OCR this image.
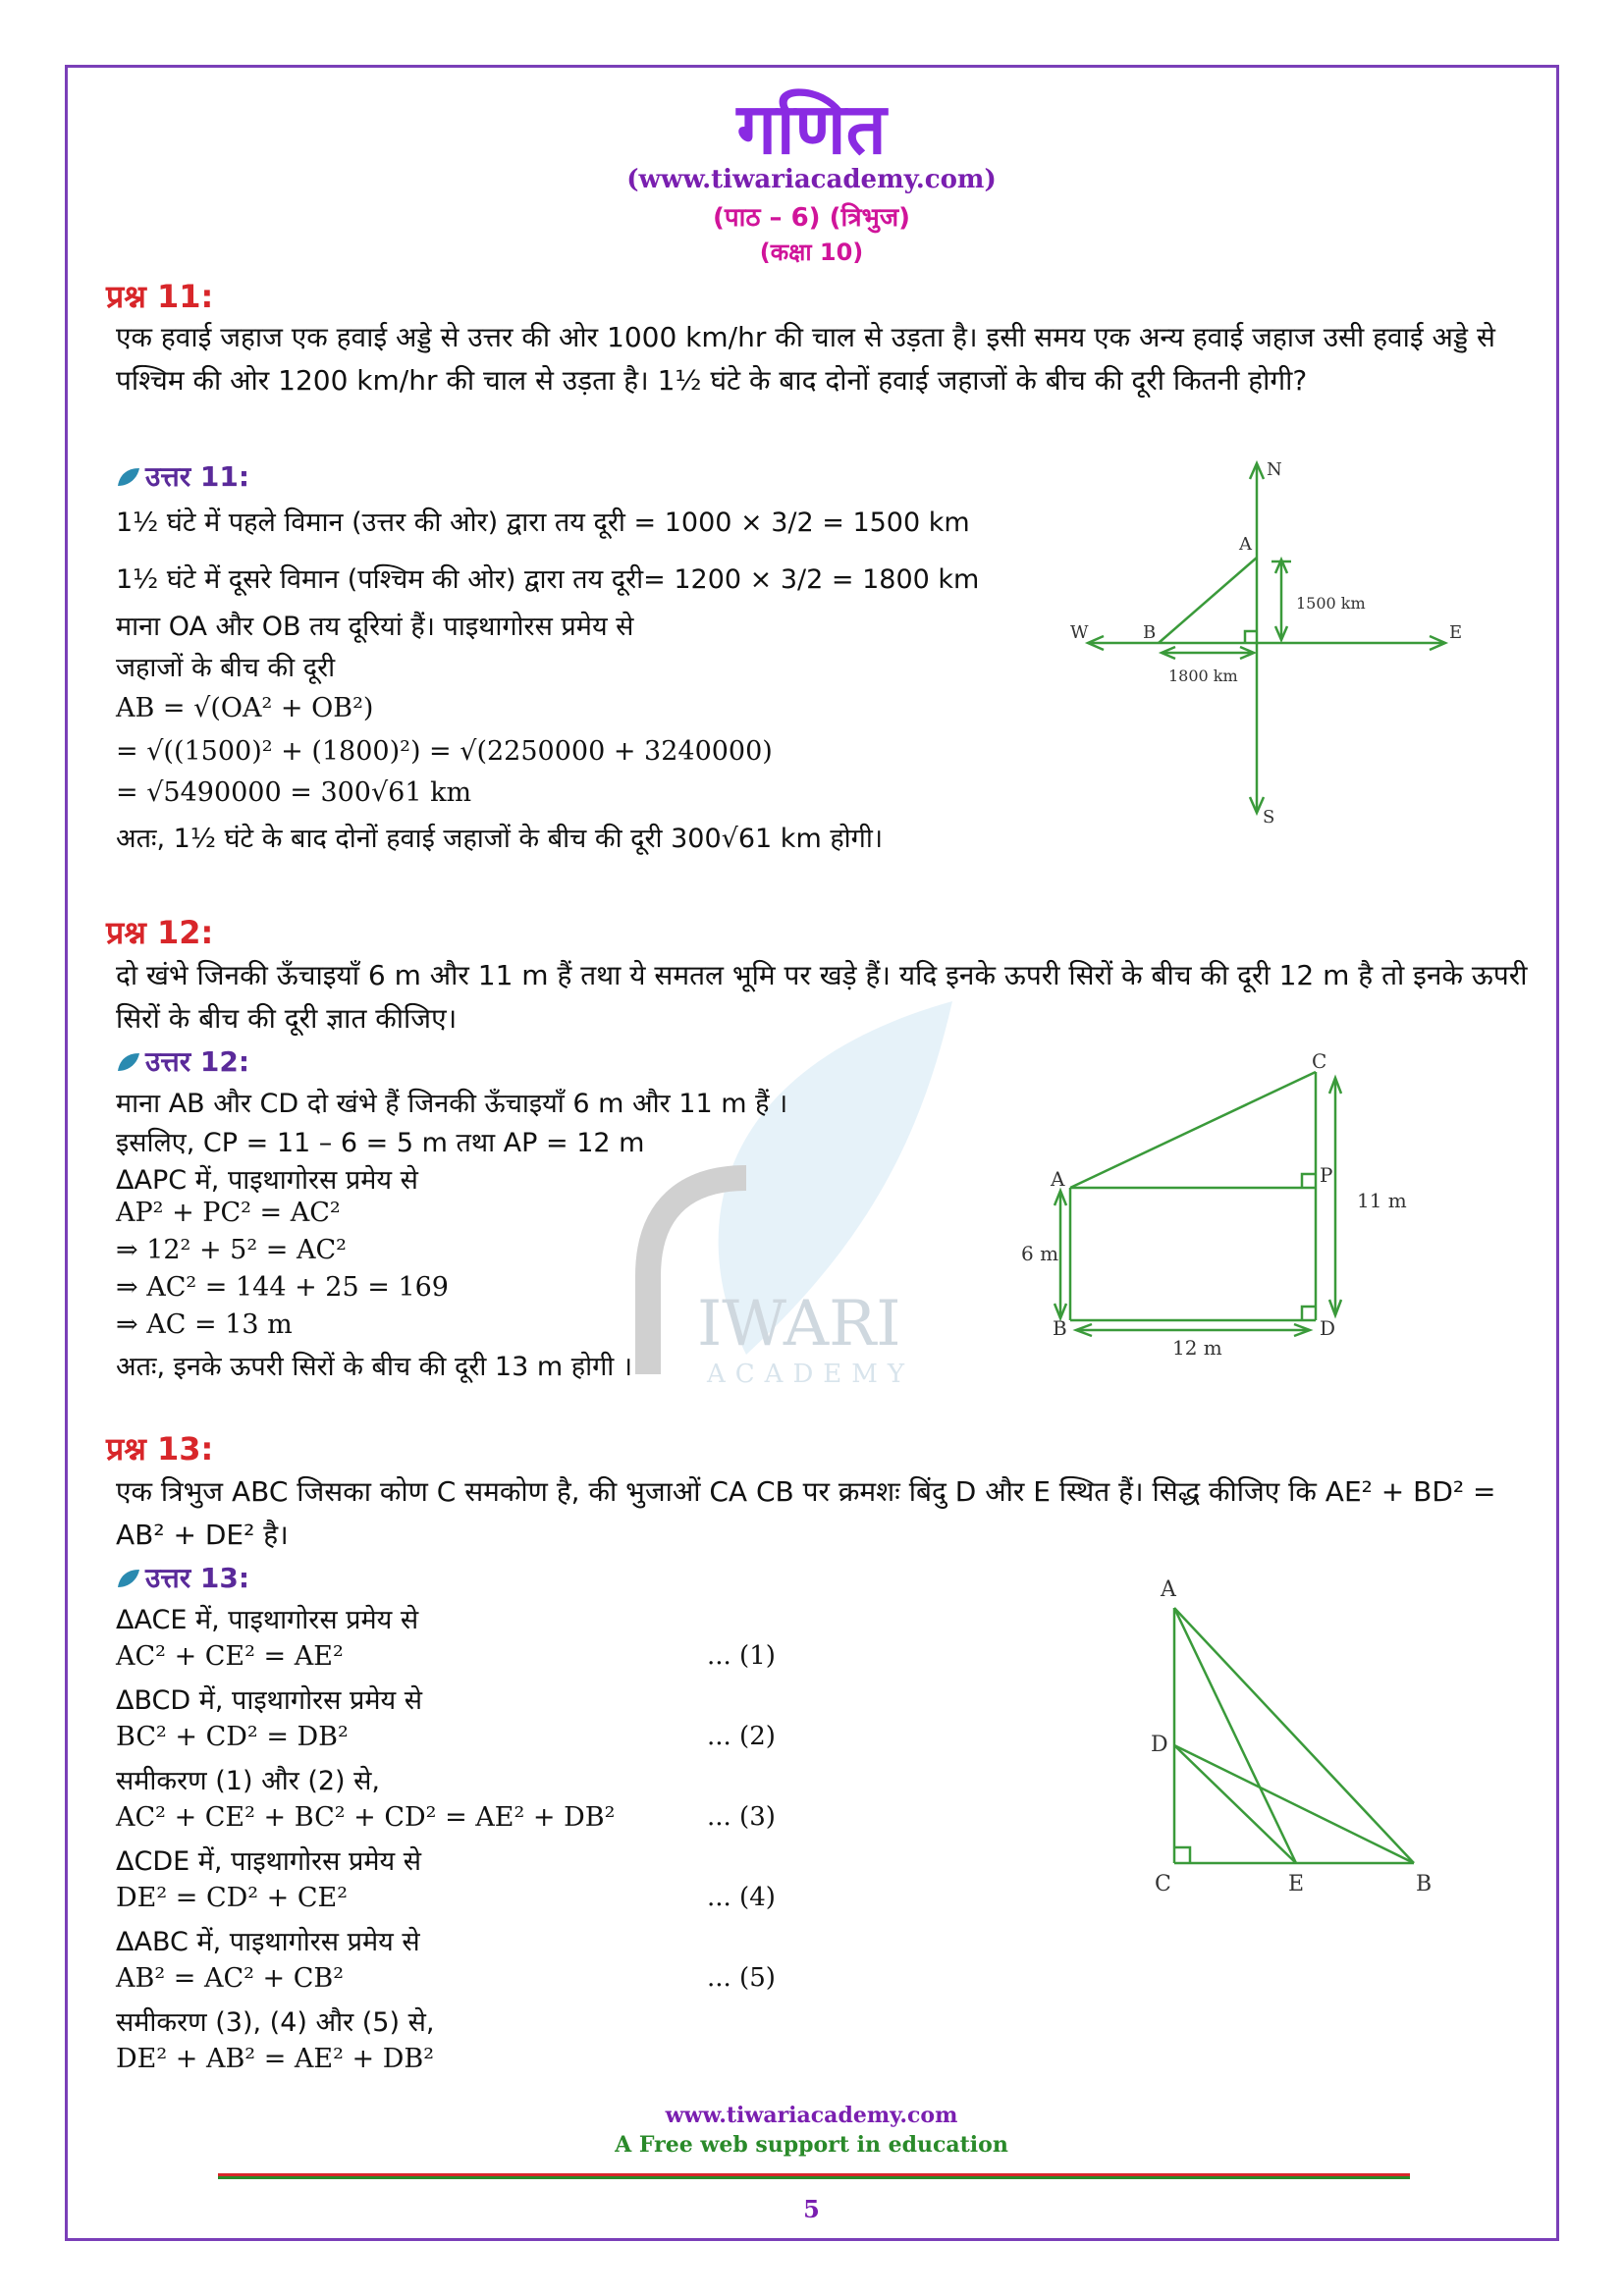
IWARI
ACADEMY
गणित
(www.tiwariacademy.com)
(पाठ – 6) (त्रिभुज)
(कक्षा 10)
प्रश्न 11:
एक हवाई जहाज एक हवाई अड्डे से उत्तर की ओर 1000 km/hr की चाल से उड़ता है। इसी समय एक अन्य हवाई जहाज उसी हवाई अड्डे से पश्चिम की ओर 1200 km/hr की चाल से उड़ता है। 1½ घंटे के बाद दोनों हवाई जहाजों के बीच की दूरी कितनी होगी?
उत्तर 11:
1½ घंटे में पहले विमान (उत्तर की ओर) द्वारा तय दूरी = 1000 × 3/2 = 1500 km
1½ घंटे में दूसरे विमान (पश्चिम की ओर) द्वारा तय दूरी= 1200 × 3/2 = 1800 km
माना OA और OB तय दूरियां हैं। पाइथागोरस प्रमेय से
जहाजों के बीच की दूरी
AB = √(OA² + OB²)
= √((1500)² + (1800)²) = √(2250000 + 3240000)
= √5490000 = 300√61 km
अतः, 1½ घंटे के बाद दोनों हवाई जहाजों के बीच की दूरी 300√61 km होगी।
N
S
E
W
A
B
1500 km
1800 km
प्रश्न 12:
दो खंभे जिनकी ऊँचाइयाँ 6 m और 11 m हैं तथा ये समतल भूमि पर खड़े हैं। यदि इनके ऊपरी सिरों के बीच की दूरी 12 m है तो इनके ऊपरी सिरों के बीच की दूरी ज्ञात कीजिए।
उत्तर 12:
माना AB और CD दो खंभे हैं जिनकी ऊँचाइयाँ 6 m और 11 m हैं ।
इसलिए, CP = 11 – 6 = 5 m तथा AP = 12 m
ΔAPC में, पाइथागोरस प्रमेय से
AP² + PC² = AC²
⇒ 12² + 5² = AC²
⇒ AC² = 144 + 25 = 169
⇒ AC = 13 m
अतः, इनके ऊपरी सिरों के बीच की दूरी 13 m होगी ।
C
A	P
B	D
6 m
11 m
12 m
प्रश्न 13:
एक त्रिभुज ABC जिसका कोण C समकोण है, की भुजाओं CA CB पर क्रमशः बिंदु D और E स्थित हैं। सिद्ध कीजिए कि AE² + BD² = AB² + DE² है।
उत्तर 13:
ΔACE में, पाइथागोरस प्रमेय से
AC² + CE² = AE²	... (1)
ΔBCD में, पाइथागोरस प्रमेय से
BC² + CD² = DB²	... (2)
समीकरण (1) और (2) से,
AC² + CE² + BC² + CD² = AE² + DB²	... (3)
ΔCDE में, पाइथागोरस प्रमेय से
DE² = CD² + CE²	... (4)
ΔABC में, पाइथागोरस प्रमेय से
AB² = AC² + CB²	... (5)
समीकरण (3), (4) और (5) से,
DE² + AB² = AE² + DB²
A
D
C	E	B
www.tiwariacademy.com
A Free web support in education
5
